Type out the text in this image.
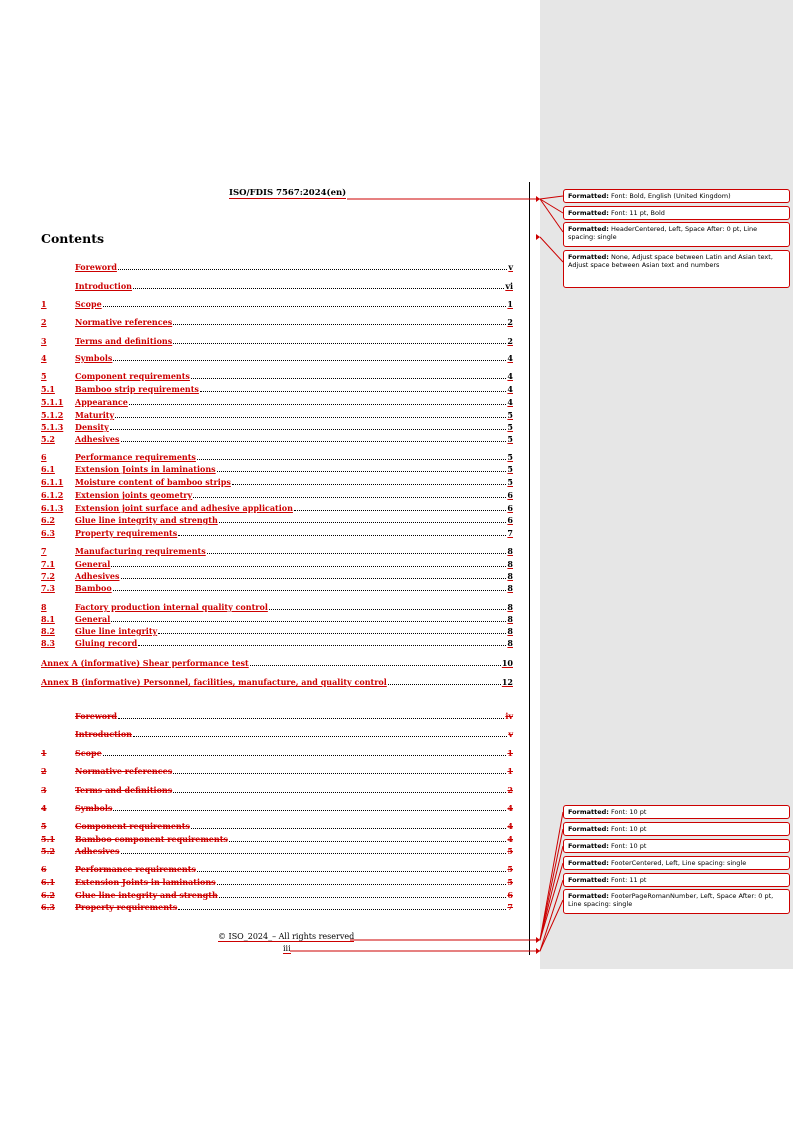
ISO/FDIS 7567:2024(en)
Contents
Foreword	v
Introduction	vi
1	Scope	1
2	Normative references	2
3	Terms and definitions	2
4	Symbols	4
5	Component requirements	4
5.1	Bamboo strip requirements	4
5.1.1	Appearance	4
5.1.2	Maturity	5
5.1.3	Density	5
5.2	Adhesives	5
6	Performance requirements	5
6.1	Extension Joints in laminations	5
6.1.1	Moisture content of bamboo strips	5
6.1.2	Extension joints geometry	6
6.1.3	Extension joint surface and adhesive application	6
6.2	Glue line integrity and strength	6
6.3	Property requirements	7
7	Manufacturing requirements	8
7.1	General	8
7.2	Adhesives	8
7.3	Bamboo	8
8	Factory production internal quality control	8
8.1	General	8
8.2	Glue line integrity	8
8.3	Gluing record	8
Annex A (informative) Shear performance test	10
Annex B (informative) Personnel, facilities, manufacture, and quality control	12
Foreword	iv
Introduction	v
1	Scope	1
2	Normative references	1
3	Terms and definitions	2
4	Symbols	4
5	Component requirements	4
5.1	Bamboo component requirements	4
5.2	Adhesives	5
6	Performance requirements	5
6.1	Extension Joints in laminations	5
6.2	Glue line integrity and strength	6
6.3	Property requirements	7
© ISO_2024_– All rights reserved
iii
Formatted: Font: Bold, English (United Kingdom)
Formatted: Font: 11 pt, Bold
Formatted: HeaderCentered, Left, Space After: 0 pt, Line spacing: single
Formatted: None, Adjust space between Latin and Asian text, Adjust space between Asian text and numbers
Formatted: Font: 10 pt
Formatted: Font: 10 pt
Formatted: Font: 10 pt
Formatted: FooterCentered, Left, Line spacing: single
Formatted: Font: 11 pt
Formatted: FooterPageRomanNumber, Left, Space After: 0 pt, Line spacing: single
